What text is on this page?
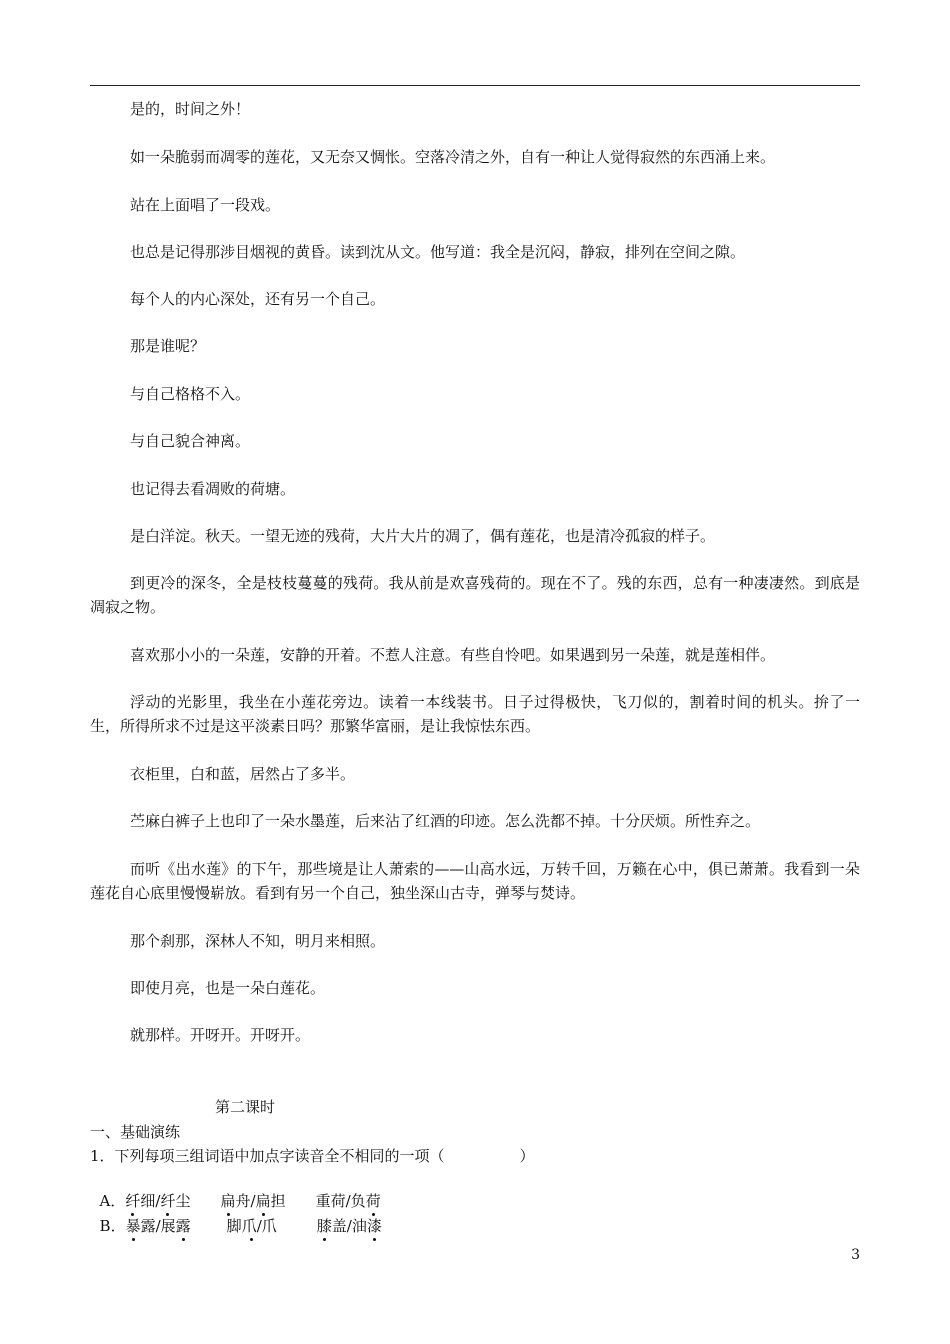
是的，时间之外！

如一朵脆弱而凋零的莲花，又无奈又惆怅。空落冷清之外，自有一种让人觉得寂然的东西涌上来。

站在上面唱了一段戏。

也总是记得那涉目烟视的黄昏。读到沈从文。他写道：我全是沉闷，静寂，排列在空间之隙。

每个人的内心深处，还有另一个自己。

那是谁呢？

与自己格格不入。

与自己貌合神离。

也记得去看凋败的荷塘。

是白洋淀。秋天。一望无迹的残荷，大片大片的凋了，偶有莲花，也是清冷孤寂的样子。

到更冷的深冬，全是枝枝蔓蔓的残荷。我从前是欢喜残荷的。现在不了。残的东西，总有一种凄凄然。到底是凋寂之物。

喜欢那小小的一朵莲，安静的开着。不惹人注意。有些自怜吧。如果遇到另一朵莲，就是莲相伴。

浮动的光影里，我坐在小莲花旁边。读着一本线装书。日子过得极快，飞刀似的，割着时间的机头。拚了一生，所得所求不过是这平淡素日吗？那繁华富丽，是让我惊怯东西。

衣柜里，白和蓝，居然占了多半。

苎麻白裤子上也印了一朵水墨莲，后来沾了红酒的印迹。怎么洗都不掉。十分厌烦。所性弃之。

而听《出水莲》的下午，那些境是让人萧索的——山高水远，万转千回，万籁在心中，俱已萧萧。我看到一朵莲花自心底里慢慢崭放。看到有另一个自己，独坐深山古寺，弹琴与焚诗。

那个刹那，深林人不知，明月来相照。

即使月亮，也是一朵白莲花。

就那样。开呀开。开呀开。

第二课时
一、基础演练
1．下列每项三组词语中加点字读音全不相同的一项（　　　　　）

A．纤细/纤尘 扁舟/扁担 重荷/负荷

B．暴露/展露 脚爪/爪	膝盖/油漆

3
